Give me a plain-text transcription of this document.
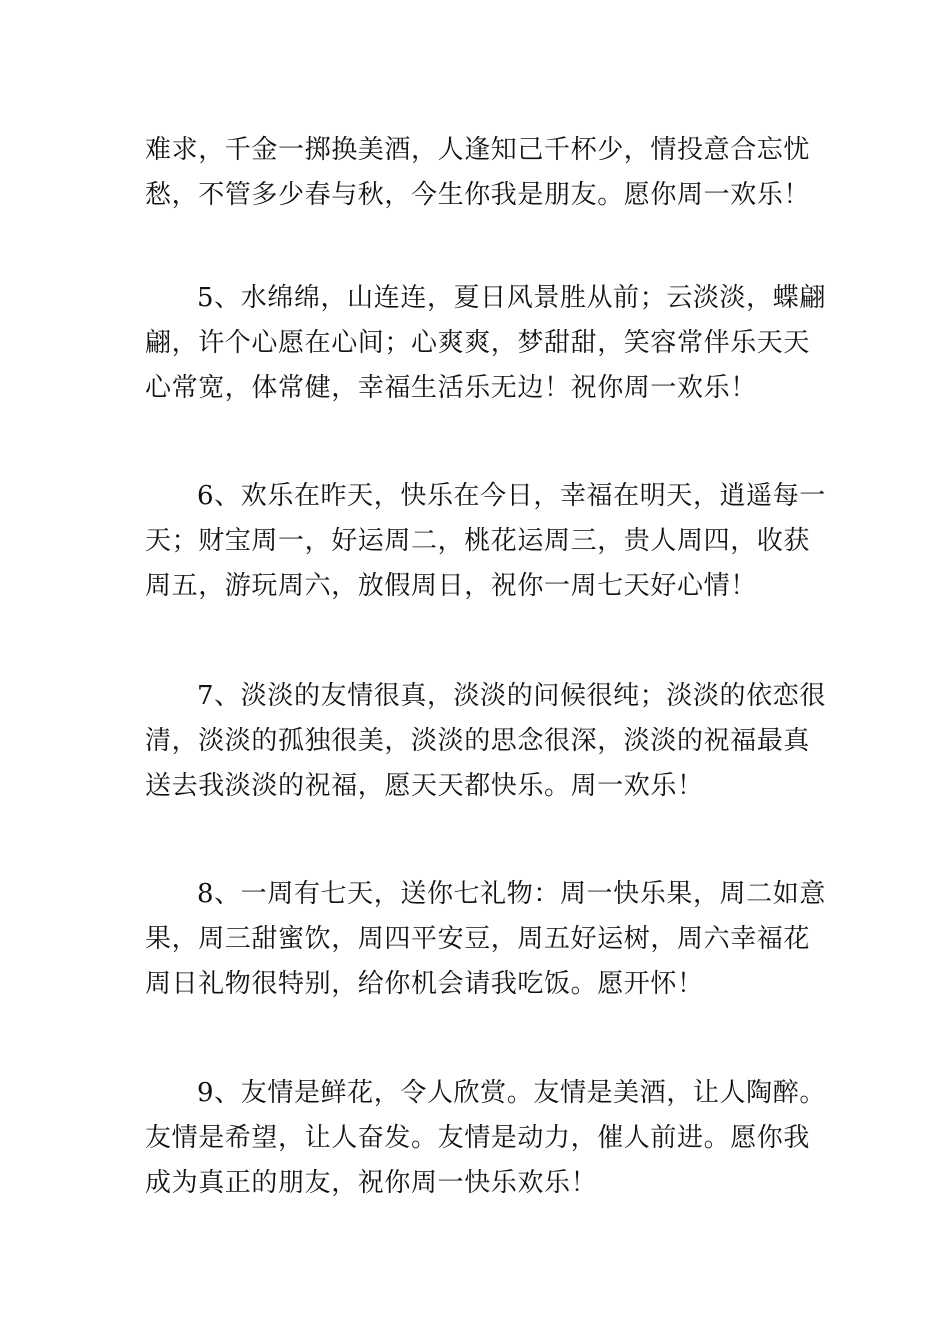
难求，千金一掷换美酒，人逢知己千杯少，情投意合忘忧
愁，不管多少春与秋，今生你我是朋友。愿你周一欢乐！

5、水绵绵，山连连，夏日风景胜从前；云淡淡，蝶翩
翩，许个心愿在心间；心爽爽，梦甜甜，笑容常伴乐天天
心常宽，体常健，幸福生活乐无边！祝你周一欢乐！

6、欢乐在昨天，快乐在今日，幸福在明天，逍遥每一
天；财宝周一，好运周二，桃花运周三，贵人周四，收获
周五，游玩周六，放假周日，祝你一周七天好心情！

7、淡淡的友情很真，淡淡的问候很纯；淡淡的依恋很
清，淡淡的孤独很美，淡淡的思念很深，淡淡的祝福最真
送去我淡淡的祝福，愿天天都快乐。周一欢乐！

8、一周有七天，送你七礼物：周一快乐果，周二如意
果，周三甜蜜饮，周四平安豆，周五好运树，周六幸福花
周日礼物很特别，给你机会请我吃饭。愿开怀！

9、友情是鲜花，令人欣赏。友情是美酒，让人陶醉。
友情是希望，让人奋发。友情是动力，催人前进。愿你我
成为真正的朋友，祝你周一快乐欢乐！
